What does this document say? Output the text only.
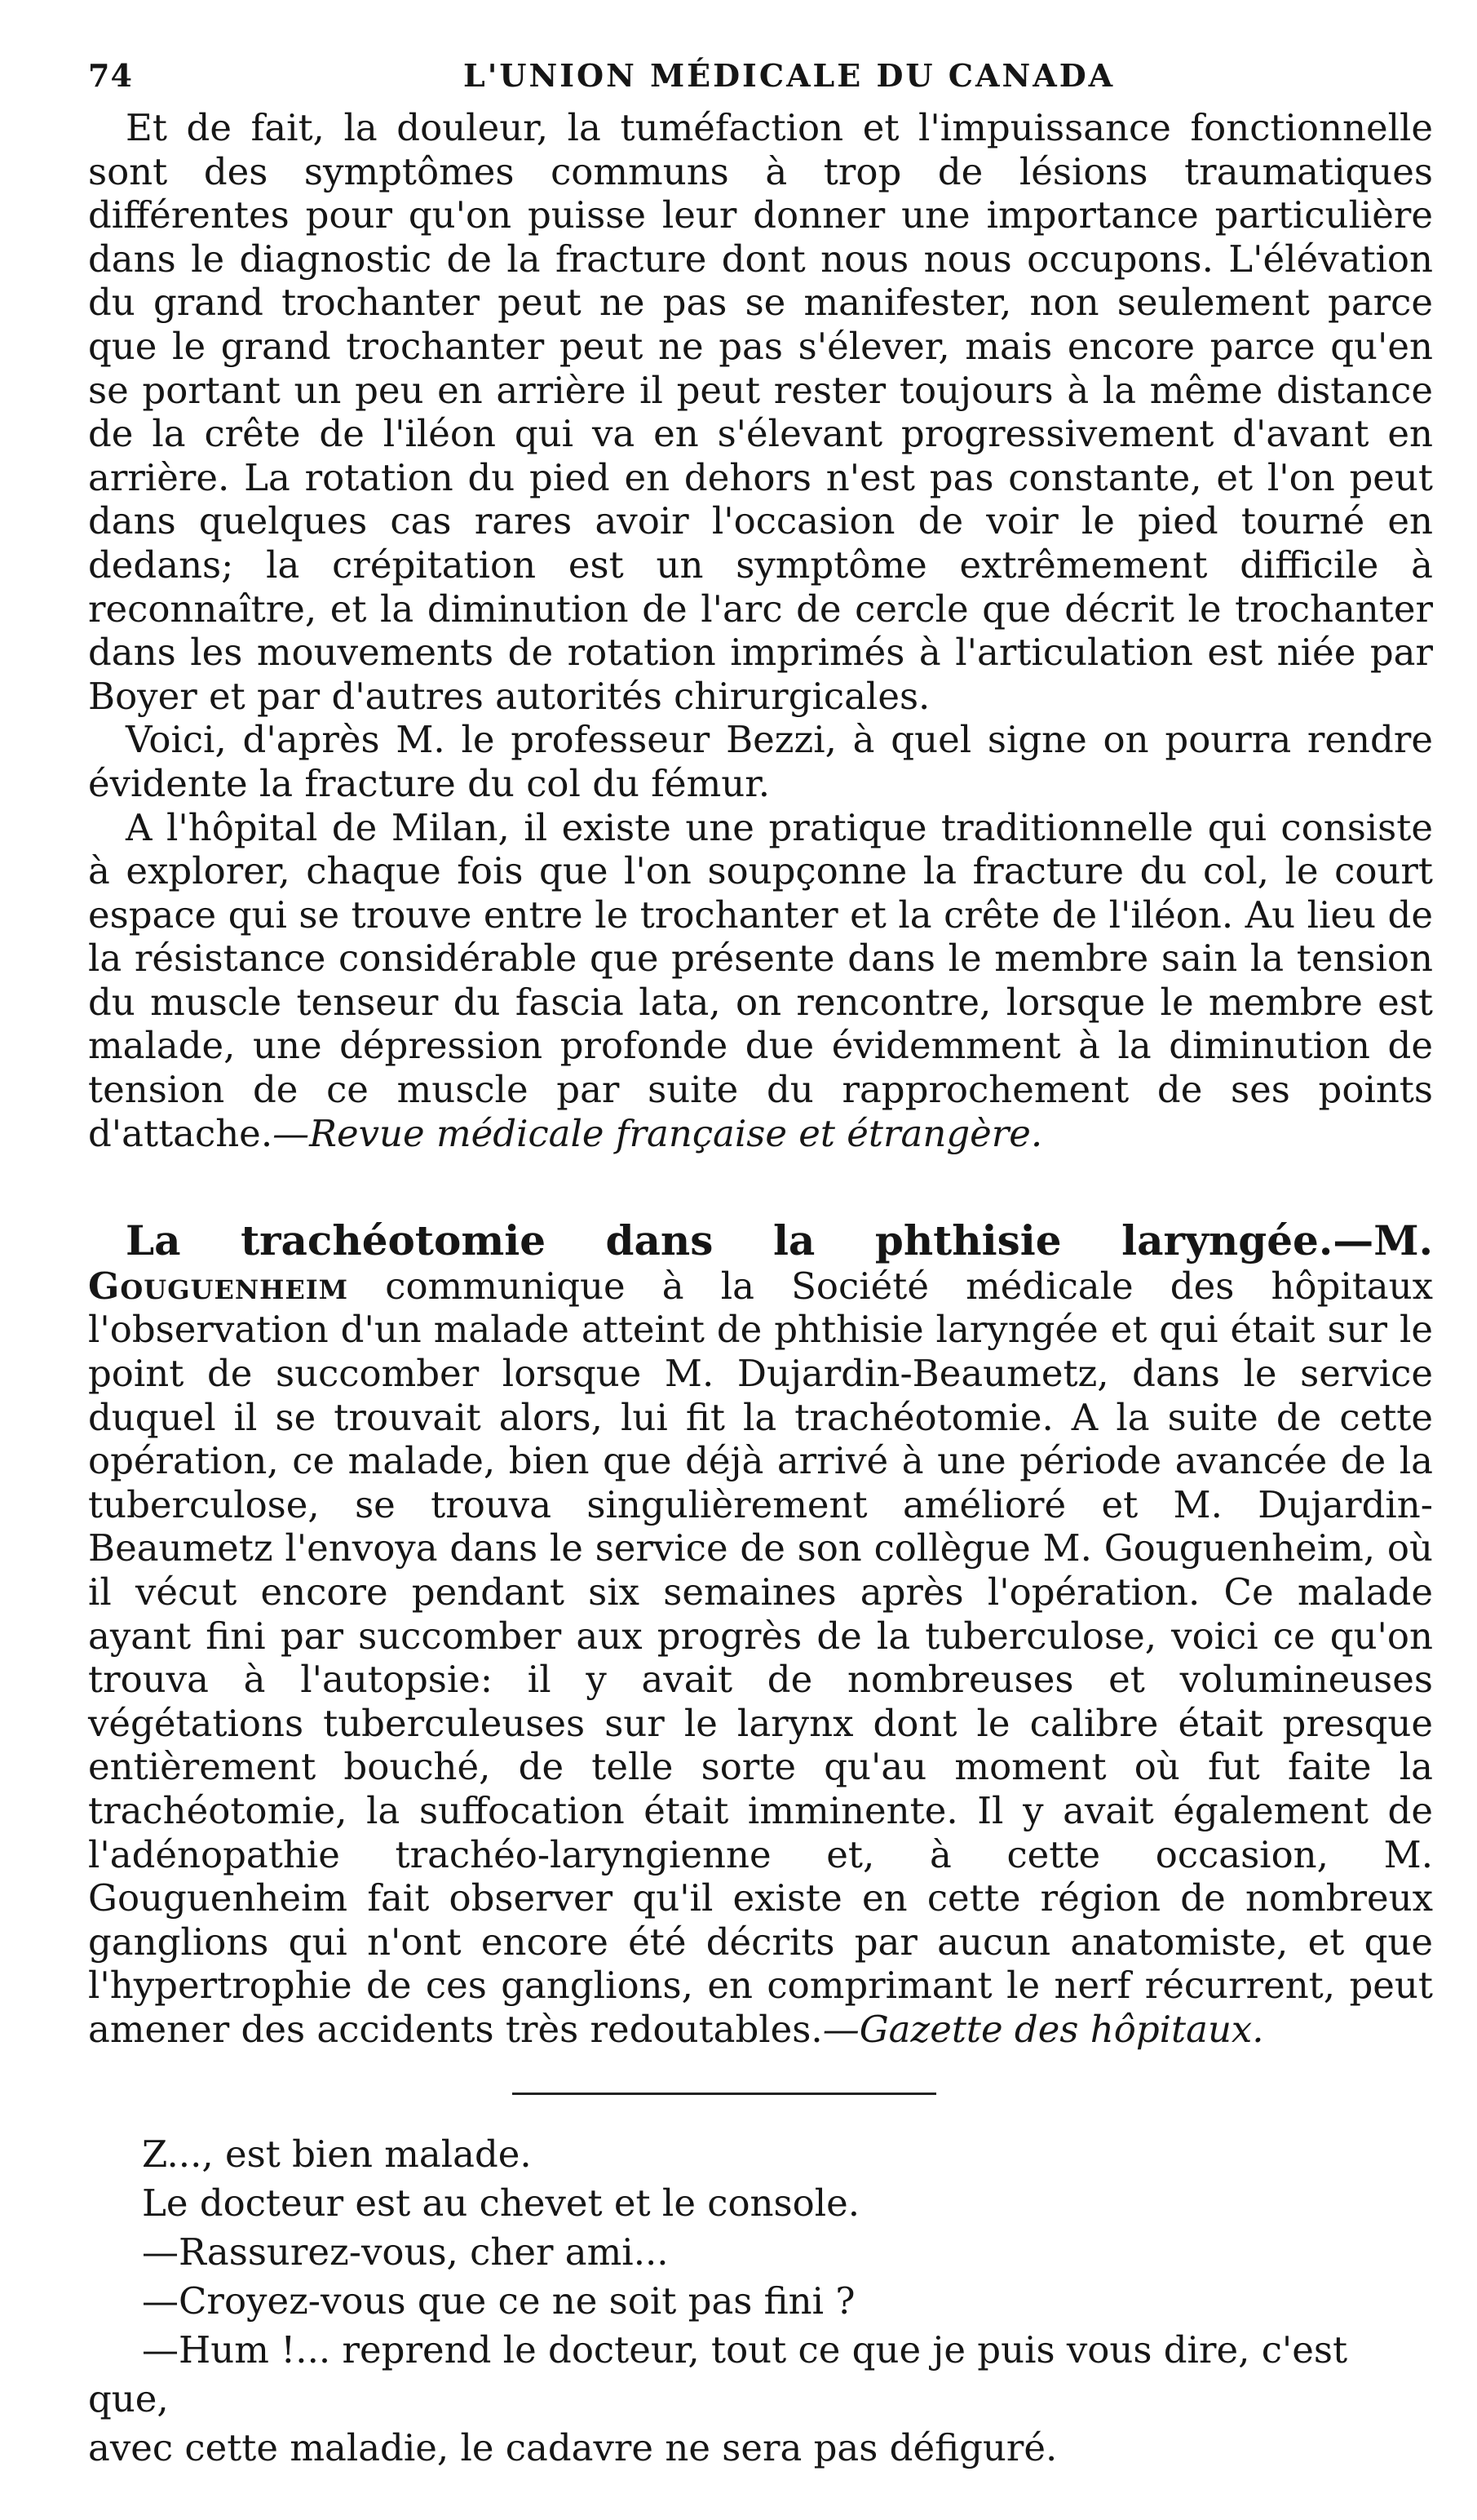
74	L'UNION MÉDICALE DU CANADA

Et de fait, la douleur, la tuméfaction et l'impuissance fonctionnelle sont des symptômes communs à trop de lésions traumatiques différentes pour qu'on puisse leur donner une importance particulière dans le diagnostic de la fracture dont nous nous occupons. L'élévation du grand trochanter peut ne pas se manifester, non seulement parce que le grand trochanter peut ne pas s'élever, mais encore parce qu'en se portant un peu en arrière il peut rester toujours à la même distance de la crête de l'iléon qui va en s'élevant progressivement d'avant en arrière. La rotation du pied en dehors n'est pas constante, et l'on peut dans quelques cas rares avoir l'occasion de voir le pied tourné en dedans; la crépitation est un symptôme extrêmement difficile à reconnaître, et la diminution de l'arc de cercle que décrit le trochanter dans les mouvements de rotation imprimés à l'articulation est niée par Boyer et par d'autres autorités chirurgicales.

Voici, d'après M. le professeur Bezzi, à quel signe on pourra rendre évidente la fracture du col du fémur.

A l'hôpital de Milan, il existe une pratique traditionnelle qui consiste à explorer, chaque fois que l'on soupçonne la fracture du col, le court espace qui se trouve entre le trochanter et la crête de l'iléon. Au lieu de la résistance considérable que présente dans le membre sain la tension du muscle tenseur du fascia lata, on rencontre, lorsque le membre est malade, une dépression profonde due évidemment à la diminution de tension de ce muscle par suite du rapprochement de ses points d'attache.—Revue médicale française et étrangère.

La trachéotomie dans la phthisie laryngée.—M. Gouguenheim communique à la Société médicale des hôpitaux l'observation d'un malade atteint de phthisie laryngée et qui était sur le point de succomber lorsque M. Dujardin-Beaumetz, dans le service duquel il se trouvait alors, lui fit la trachéotomie. A la suite de cette opération, ce malade, bien que déjà arrivé à une période avancée de la tuberculose, se trouva singulièrement amélioré et M. Dujardin-Beaumetz l'envoya dans le service de son collègue M. Gouguenheim, où il vécut encore pendant six semaines après l'opération. Ce malade ayant fini par succomber aux progrès de la tuberculose, voici ce qu'on trouva à l'autopsie: il y avait de nombreuses et volumineuses végétations tuberculeuses sur le larynx dont le calibre était presque entièrement bouché, de telle sorte qu'au moment où fut faite la trachéotomie, la suffocation était imminente. Il y avait également de l'adénopathie trachéo-laryngienne et, à cette occasion, M. Gouguenheim fait observer qu'il existe en cette région de nombreux ganglions qui n'ont encore été décrits par aucun anatomiste, et que l'hypertrophie de ces ganglions, en comprimant le nerf récurrent, peut amener des accidents très redoutables.—Gazette des hôpitaux.

Z..., est bien malade.

Le docteur est au chevet et le console.

—Rassurez-vous, cher ami...

—Croyez-vous que ce ne soit pas fini ?

—Hum !... reprend le docteur, tout ce que je puis vous dire, c'est que,

avec cette maladie, le cadavre ne sera pas défiguré.
